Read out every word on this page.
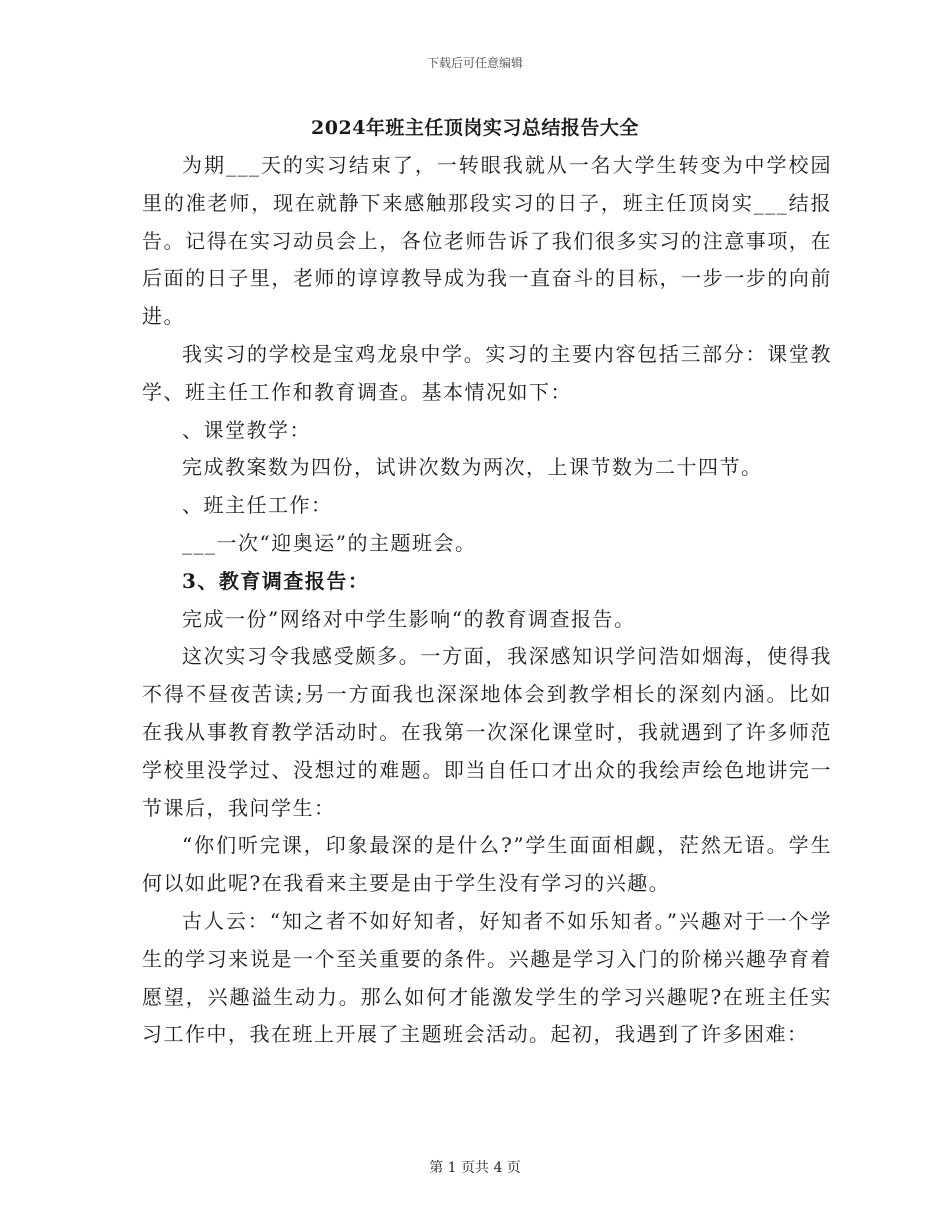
下载后可任意编辑
2024年班主任顶岗实习总结报告大全

为期___天的实习结束了，一转眼我就从一名大学生转变为中学校园里的准老师，现在就静下来感触那段实习的日子，班主任顶岗实___结报告。记得在实习动员会上，各位老师告诉了我们很多实习的注意事项，在后面的日子里，老师的谆谆教导成为我一直奋斗的目标，一步一步的向前进。

我实习的学校是宝鸡龙泉中学。实习的主要内容包括三部分：课堂教学、班主任工作和教育调查。基本情况如下：

、课堂教学：

完成教案数为四份，试讲次数为两次，上课节数为二十四节。

、班主任工作：

___一次“迎奥运”的主题班会。

3、教育调查报告：

完成一份”网络对中学生影响“的教育调查报告。

这次实习令我感受颇多。一方面，我深感知识学问浩如烟海，使得我不得不昼夜苦读;另一方面我也深深地体会到教学相长的深刻内涵。比如在我从事教育教学活动时。在我第一次深化课堂时，我就遇到了许多师范学校里没学过、没想过的难题。即当自任口才出众的我绘声绘色地讲完一节课后，我问学生：

“你们听完课，印象最深的是什么?”学生面面相觑，茫然无语。学生何以如此呢?在我看来主要是由于学生没有学习的兴趣。

古人云：“知之者不如好知者，好知者不如乐知者。”兴趣对于一个学生的学习来说是一个至关重要的条件。兴趣是学习入门的阶梯兴趣孕育着愿望，兴趣溢生动力。那么如何才能激发学生的学习兴趣呢?在班主任实习工作中，我在班上开展了主题班会活动。起初，我遇到了许多困难：

第 1 页共 4 页
